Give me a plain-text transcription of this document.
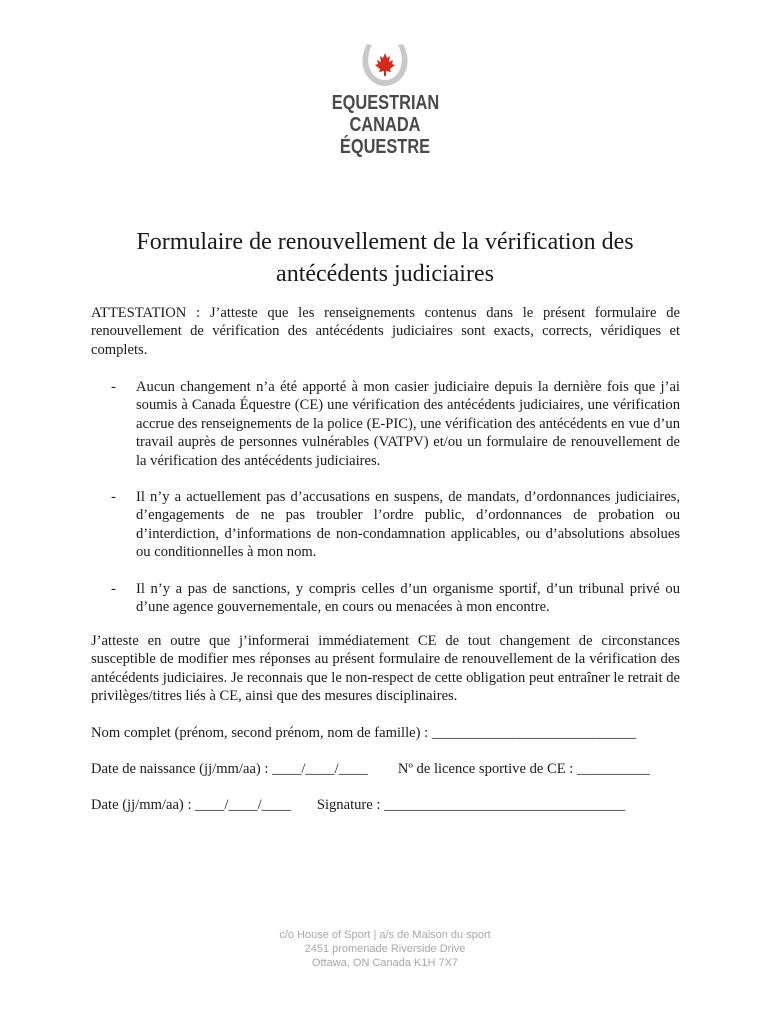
EQUESTRIAN
CANADA
ÉQUESTRE
Formulaire de renouvellement de la vérification des
antécédents judiciaires

ATTESTATION : J’atteste que les renseignements contenus dans le présent formulaire de renouvellement de vérification des antécédents judiciaires sont exacts, corrects, véridiques et complets.

- Aucun changement n’a été apporté à mon casier judiciaire depuis la dernière fois que j’ai soumis à Canada Équestre (CE) une vérification des antécédents judiciaires, une vérification accrue des renseignements de la police (E-PIC), une vérification des antécédents en vue d’un travail auprès de personnes vulnérables (VATPV) et/ou un formulaire de renouvellement de la vérification des antécédents judiciaires.
- Il n’y a actuellement pas d’accusations en suspens, de mandats, d’ordonnances judiciaires, d’engagements de ne pas troubler l’ordre public, d’ordonnances de probation ou d’interdiction, d’informations de non-condamnation applicables, ou d’absolutions absolues ou conditionnelles à mon nom.
- Il n’y a pas de sanctions, y compris celles d’un organisme sportif, d’un tribunal privé ou d’une agence gouvernementale, en cours ou menacées à mon encontre.

J’atteste en outre que j’informerai immédiatement CE de tout changement de circonstances susceptible de modifier mes réponses au présent formulaire de renouvellement de la vérification des antécédents judiciaires. Je reconnais que le non-respect de cette obligation peut entraîner le retrait de privilèges/titres liés à CE, ainsi que des mesures disciplinaires.

Nom complet (prénom, second prénom, nom de famille) : ____________________________
Date de naissance (jj/mm/aa) : ____/____/____ Nº de licence sportive de CE : __________
Date (jj/mm/aa) : ____/____/____ Signature : _________________________________
c/o House of Sport | a/s de Maison du sport
2451 promenade Riverside Drive
Ottawa, ON Canada K1H 7X7
